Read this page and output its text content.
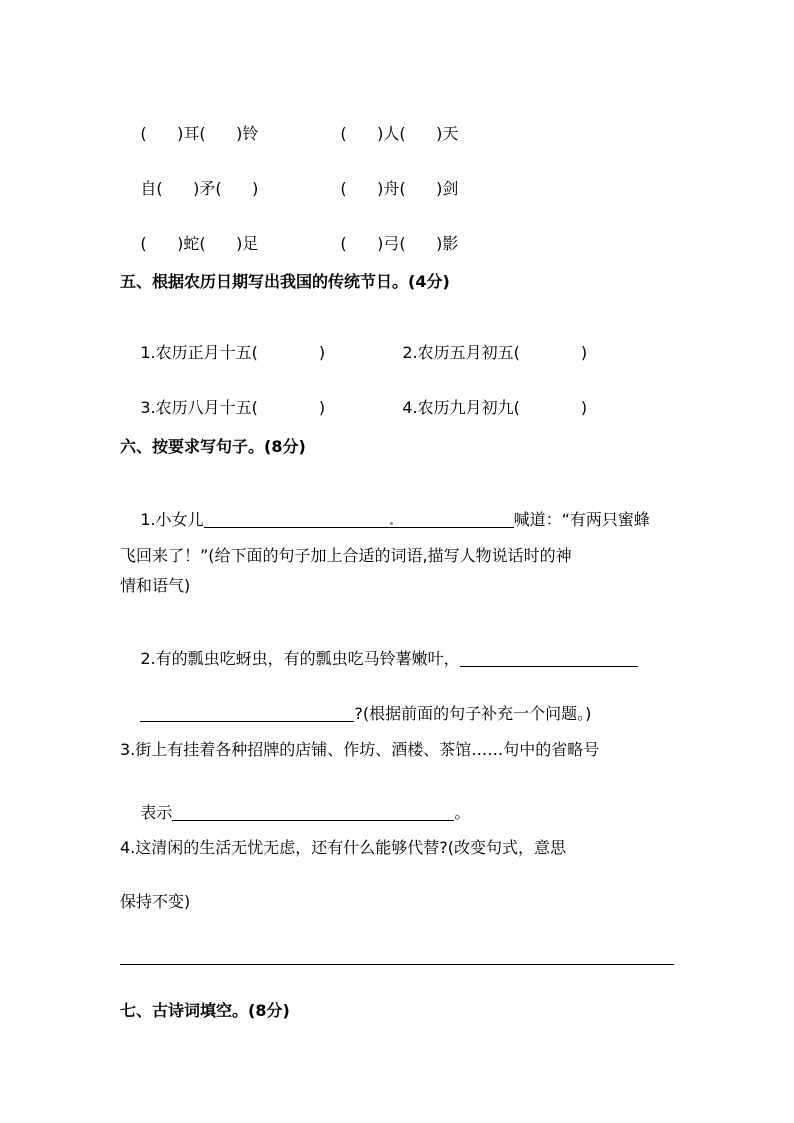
(      )耳(      )铃	(      )人(      )天

自(      )矛(      )	(      )舟(      )剑

(      )蛇(      )足	(      )弓(      )影

五、根据农历日期写出我国的传统节日。(4分)

1.农历正月十五(            )	2.农历五月初五(            )

3.农历八月十五(            )	4.农历九月初九(            )

六、按要求写句子。(8分)

1.小女儿	喊道：“有两只蜜蜂

飞回来了！”(给下面的句子加上合适的词语,描写人物说话时的神
情和语气)

2.有的瓢虫吃蚜虫，有的瓢虫吃马铃薯嫩叶，

?(根据前面的句子补充一个问题。)

3.街上有挂着各种招牌的店铺、作坊、酒楼、茶馆……句中的省略号

表示	。

4.这清闲的生活无忧无虑，还有什么能够代替?(改变句式，意思
保持不变)
七、古诗词填空。(8分)
